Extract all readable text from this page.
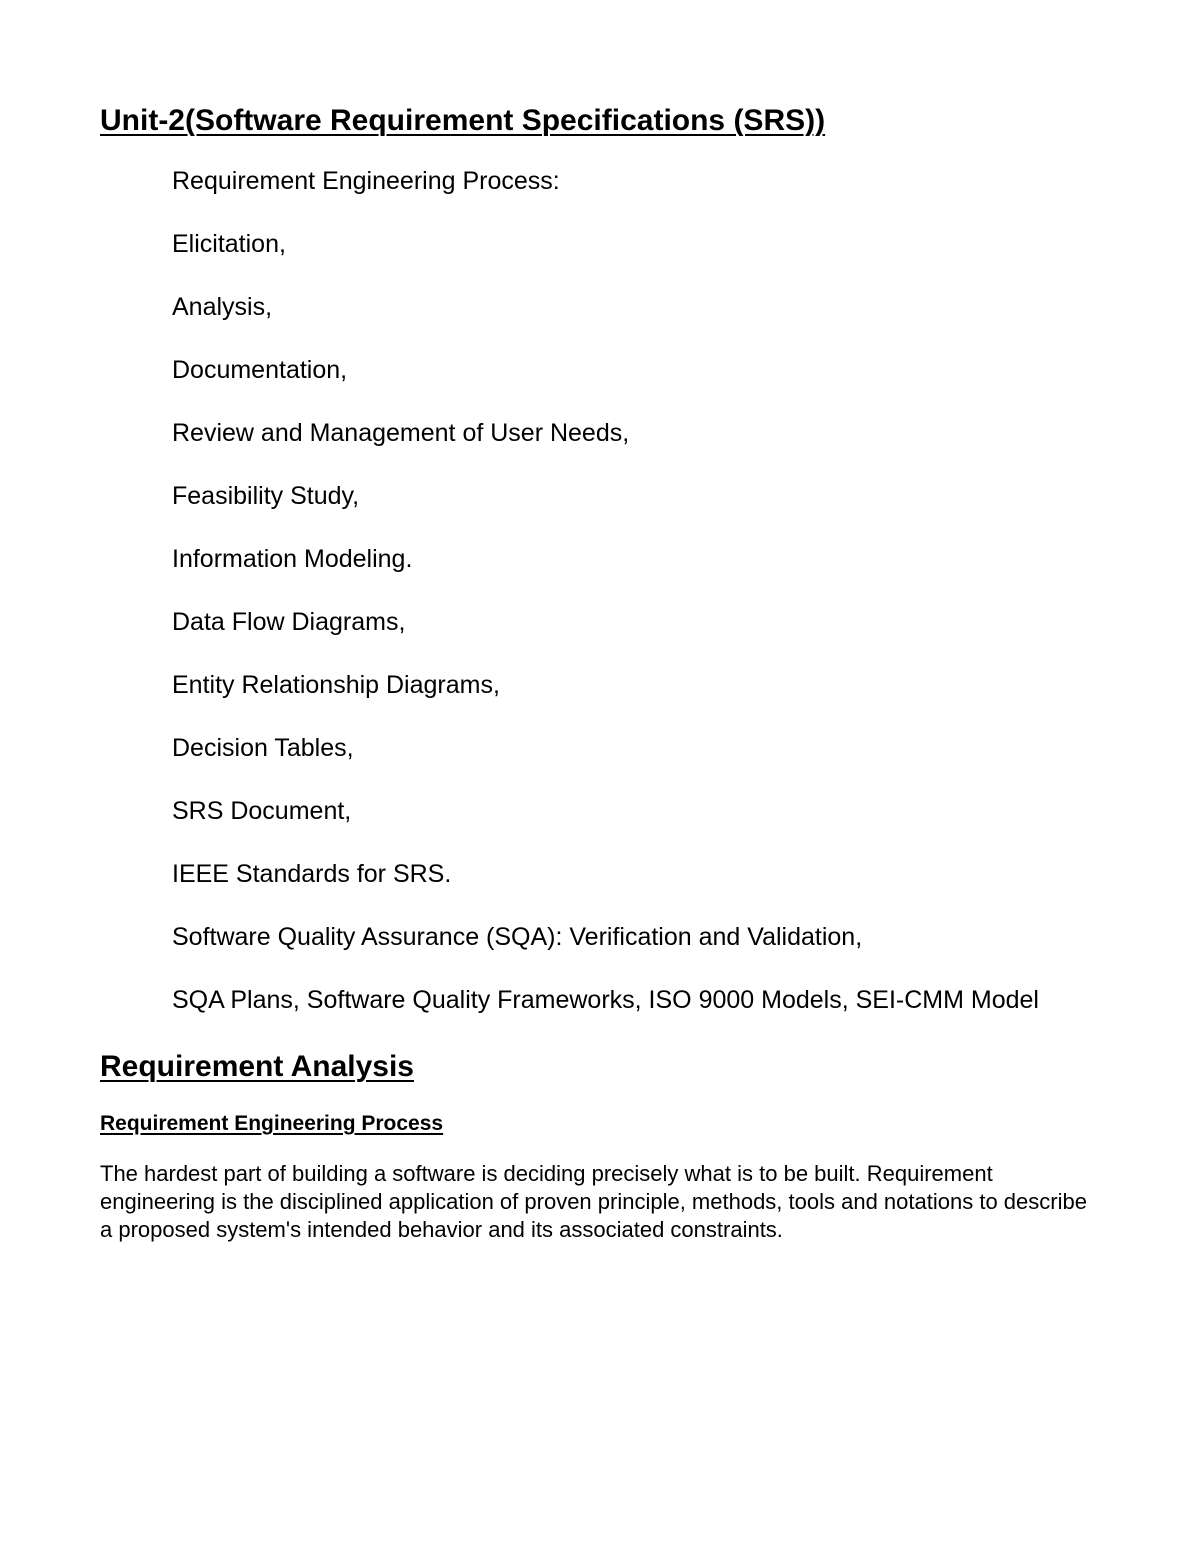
Unit-2(Software Requirement Specifications (SRS))
Requirement Engineering Process:
Elicitation,
Analysis,
Documentation,
Review and Management of User Needs,
Feasibility Study,
Information Modeling.
Data Flow Diagrams,
Entity Relationship Diagrams,
Decision Tables,
SRS Document,
IEEE Standards for SRS.
Software Quality Assurance (SQA): Verification and Validation,
SQA Plans, Software Quality Frameworks, ISO 9000 Models, SEI-CMM Model
Requirement Analysis
Requirement Engineering Process

The hardest part of building a software is deciding precisely what is to be built. Requirement engineering is the disciplined application of proven principle, methods, tools and notations to describe a proposed system's intended behavior and its associated constraints.
